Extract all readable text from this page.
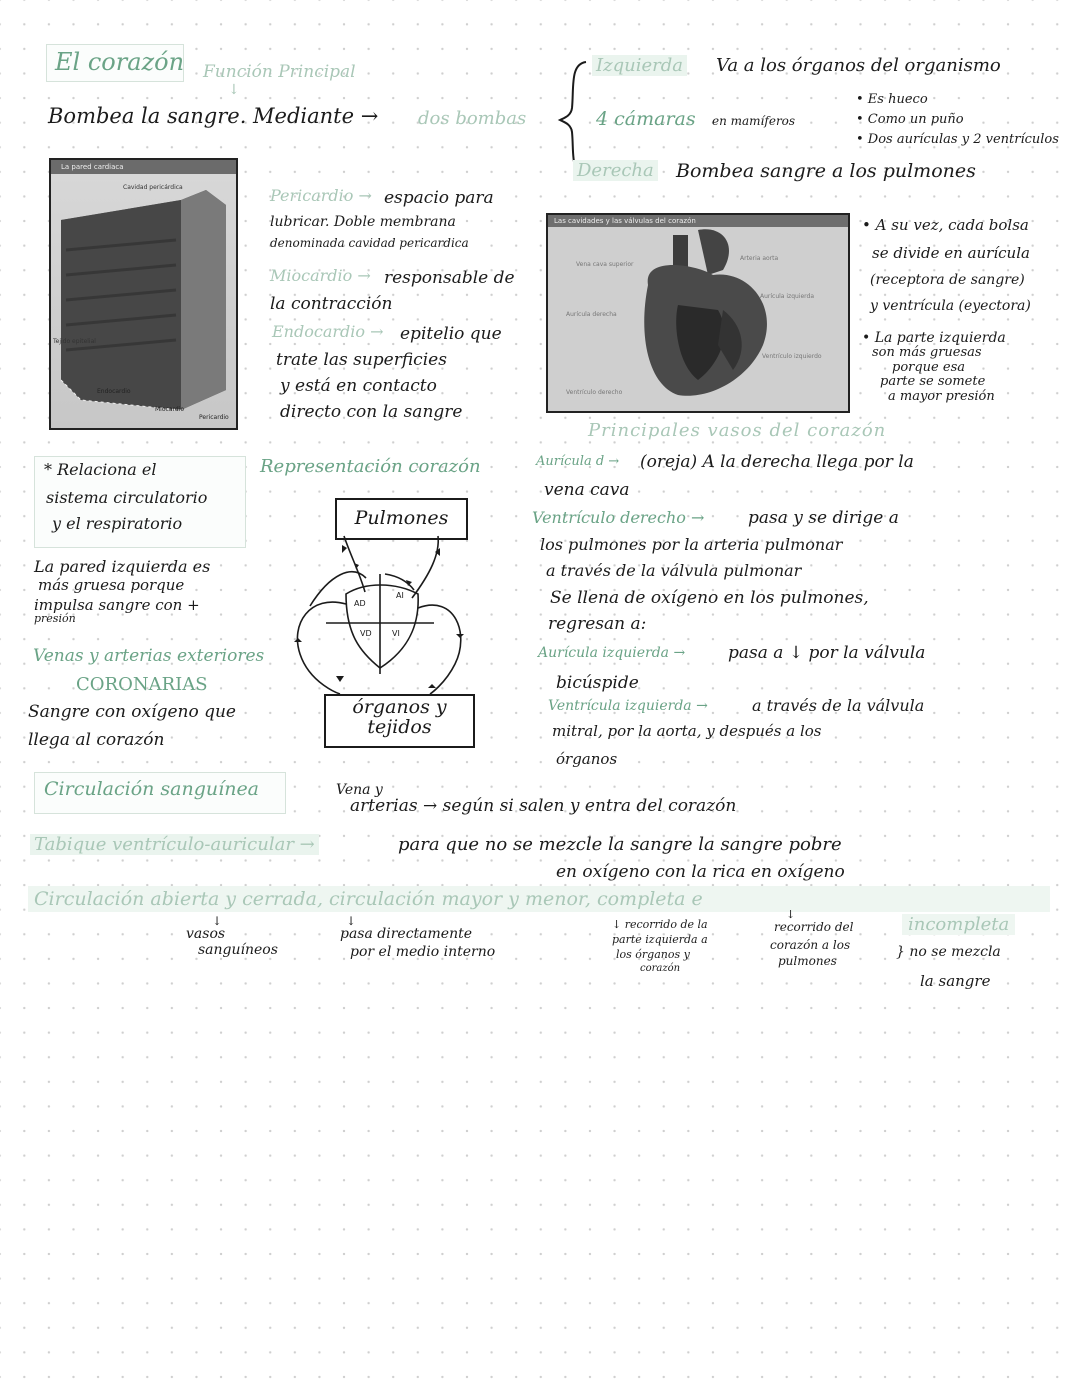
El corazón Función Principal
↓
Bombea la sangre. Mediante → dos bombas
Izquierda Va a los órganos del organismo
4 cámaras en mamíferos
• Es hueco
• Como un puño
• Dos aurículas y 2 ventrículos
Derecha Bombea sangre a los pulmones
La pared cardiaca
Cavidad pericárdica
Tejido epitelial
Endocardio
Miocardio
Pericardio
Pericardio → espacio para
lubricar. Doble membrana
denominada cavidad pericardica
Miocardio → responsable de
la contracción
Endocardio → epitelio que
trate las superficies
y está en contacto
directo con la sangre
Las cavidades y las válvulas del corazón
Vena cava superior
Arteria aorta
Aurícula derecha
Aurícula izquierda
Ventrículo derecho
Ventrículo izquierdo
• A su vez, cada bolsa
se divide en aurícula
(receptora de sangre)
y ventrícula (eyectora)
• La parte izquierda
son más gruesas
porque esa
parte se somete
a mayor presión
Principales vasos del corazón
* Relaciona el
sistema circulatorio
y el respiratorio
La pared izquierda es
más gruesa porque
impulsa sangre con +
presión
Venas y arterias exteriores
CORONARIAS
Sangre con oxígeno que
llega al corazón
Representación corazón
Pulmones
órganos y
tejidos
AD
AI
VD	VI
Aurícula d → (oreja) A la derecha llega por la
vena cava
Ventrículo derecho →	pasa y se dirige a
los pulmones por la arteria pulmonar
a través de la válvula pulmonar
Se llena de oxígeno en los pulmones,
regresan a:
Aurícula izquierda →	pasa a ↓ por la válvula
bicúspide
Ventrícula izquierda →	a través de la válvula
mitral, por la aorta, y después a los
órganos
Circulación sanguínea	Vena y
arterias → según si salen y entra del corazón
Tabique ventrículo-auricular →	para que no se mezcle la sangre la sangre pobre
en oxígeno con la rica en oxígeno
Circulación abierta y cerrada, circulación mayor y menor, completa e
incompleta
↓
vasos
sanguíneos
↓
pasa directamente
por el medio interno
↓ recorrido de la
parte izquierda a
los órganos y
corazón
↓
recorrido del
corazón a los
pulmones
} no se mezcla
la sangre
